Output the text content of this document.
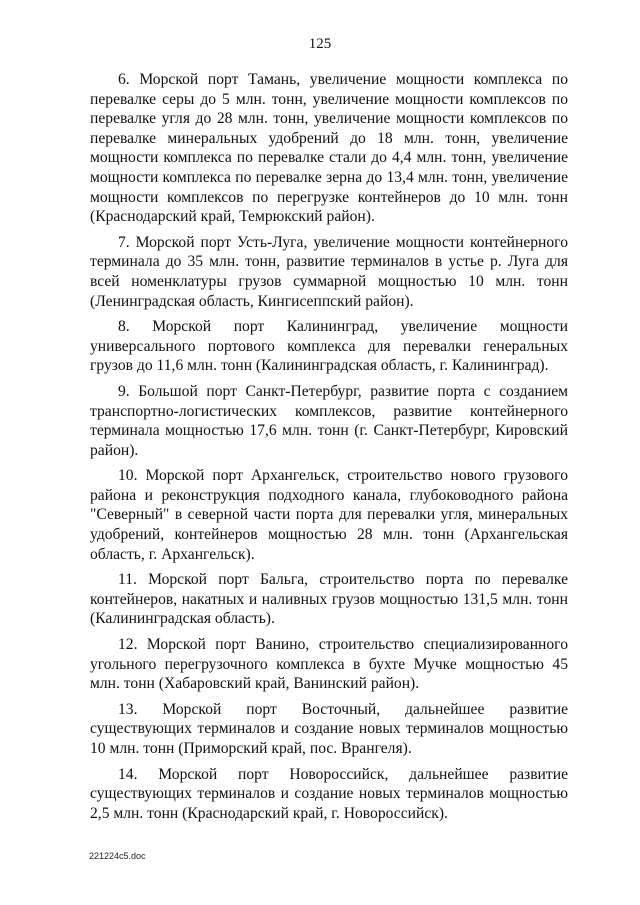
125

6. Морской порт Тамань, увеличение мощности комплекса по перевалке серы до 5 млн. тонн, увеличение мощности комплексов по перевалке угля до 28 млн. тонн, увеличение мощности комплексов по перевалке минеральных удобрений до 18 млн. тонн, увеличение мощности комплекса по перевалке стали до 4,4 млн. тонн, увеличение мощности комплекса по перевалке зерна до 13,4 млн. тонн, увеличение мощности комплексов по перегрузке контейнеров до 10 млн. тонн (Краснодарский край, Темрюкский район).

7. Морской порт Усть-Луга, увеличение мощности контейнерного терминала до 35 млн. тонн, развитие терминалов в устье р. Луга для всей номенклатуры грузов суммарной мощностью 10 млн. тонн (Ленинградская область, Кингисеппский район).

8. Морской порт Калининград, увеличение мощности универсального портового комплекса для перевалки генеральных грузов до 11,6 млн. тонн (Калининградская область, г. Калининград).

9. Большой порт Санкт-Петербург, развитие порта с созданием транспортно-логистических комплексов, развитие контейнерного терминала мощностью 17,6 млн. тонн (г. Санкт-Петербург, Кировский район).

10. Морской порт Архангельск, строительство нового грузового района и реконструкция подходного канала, глубоководного района "Северный" в северной части порта для перевалки угля, минеральных удобрений, контейнеров мощностью 28 млн. тонн (Архангельская область, г. Архангельск).

11. Морской порт Бальга, строительство порта по перевалке контейнеров, накатных и наливных грузов мощностью 131,5 млн. тонн (Калининградская область).

12. Морской порт Ванино, строительство специализированного угольного перегрузочного комплекса в бухте Мучке мощностью 45 млн. тонн (Хабаровский край, Ванинский район).

13. Морской порт Восточный, дальнейшее развитие существующих терминалов и создание новых терминалов мощностью 10 млн. тонн (Приморский край, пос. Врангеля).

14. Морской порт Новороссийск, дальнейшее развитие существующих терминалов и создание новых терминалов мощностью 2,5 млн. тонн (Краснодарский край, г. Новороссийск).

221224c5.doc
